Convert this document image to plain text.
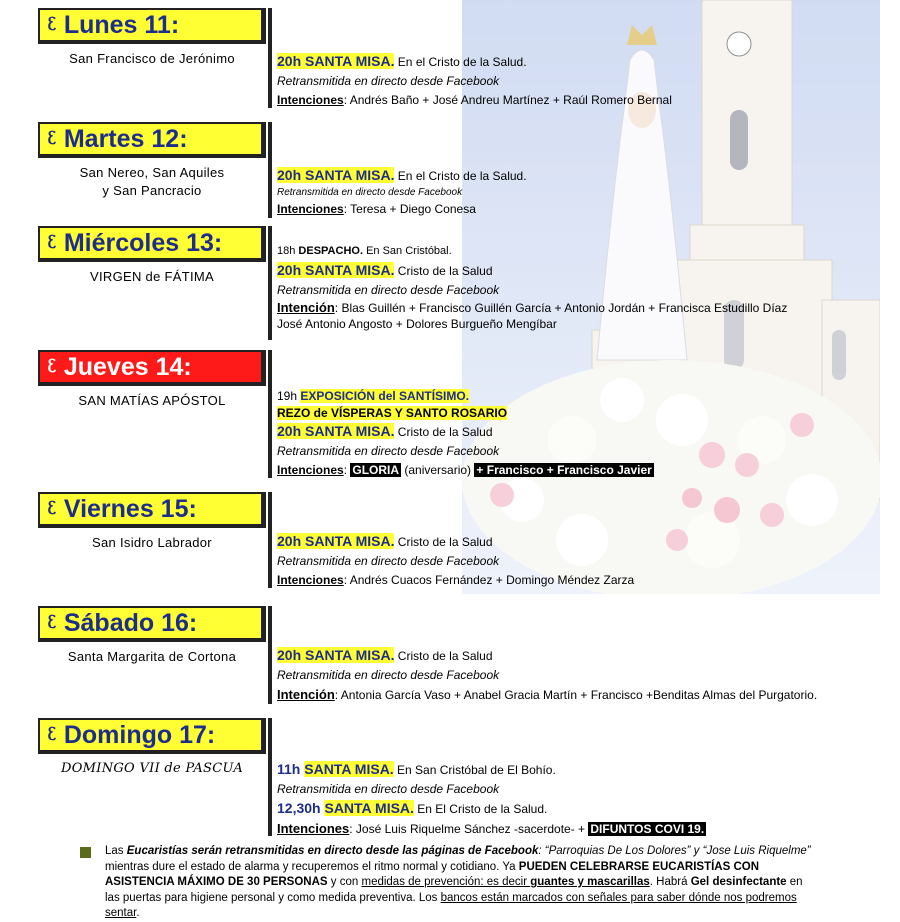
ᦷ Lunes 11:
San Francisco de Jerónimo
ᦷ Martes 12:
San Nereo, San Aquiles
y San Pancracio
ᦷ Miércoles 13:
VIRGEN de FÁTIMA
ᦷ Jueves 14:
SAN MATÍAS APÓSTOL
ᦷ Viernes 15:
San Isidro Labrador
ᦷ Sábado 16:
Santa Margarita de Cortona
ᦷ Domingo 17:
DOMINGO VII de PASCUA
20h SANTA MISA. En el Cristo de la Salud.
Retransmitida en directo desde Facebook
Intenciones: Andrés Baño + José Andreu Martínez + Raúl Romero Bernal
20h SANTA MISA. En el Cristo de la Salud.
Retransmitida en directo desde Facebook
Intenciones: Teresa + Diego Conesa
18h DESPACHO. En San Cristóbal.
20h SANTA MISA. Cristo de la Salud
Retransmitida en directo desde Facebook
Intención: Blas Guillén + Francisco Guillén García + Antonio Jordán + Francisca Estudillo Díaz
José Antonio Angosto + Dolores Burgueño Mengíbar
19h EXPOSICIÓN del SANTÍSIMO.
REZO de VÍSPERAS Y SANTO ROSARIO
20h SANTA MISA. Cristo de la Salud
Retransmitida en directo desde Facebook
Intenciones: GLORIA (aniversario) + Francisco + Francisco Javier
20h SANTA MISA. Cristo de la Salud
Retransmitida en directo desde Facebook
Intenciones: Andrés Cuacos Fernández + Domingo Méndez Zarza
20h SANTA MISA. Cristo de la Salud
Retransmitida en directo desde Facebook
Intención: Antonia García Vaso + Anabel Gracia Martín + Francisco +Benditas Almas del Purgatorio.
11h SANTA MISA. En San Cristóbal de El Bohío.
Retransmitida en directo desde Facebook
12,30h SANTA MISA. En El Cristo de la Salud.
Intenciones: José Luis Riquelme Sánchez -sacerdote- + DIFUNTOS COVI 19.

Las Eucaristías serán retransmitidas en directo desde las páginas de Facebook: “Parroquias De Los Dolores” y “Jose Luis Riquelme” mientras dure el estado de alarma y recuperemos el ritmo normal y cotidiano. Ya PUEDEN CELEBRARSE EUCARISTÍAS CON ASISTENCIA MÁXIMO DE 30 PERSONAS y con medidas de prevención: es decir guantes y mascarillas. Habrá Gel desinfectante en las puertas para higiene personal y como medida preventiva. Los bancos están marcados con señales para saber dónde nos podremos sentar.
